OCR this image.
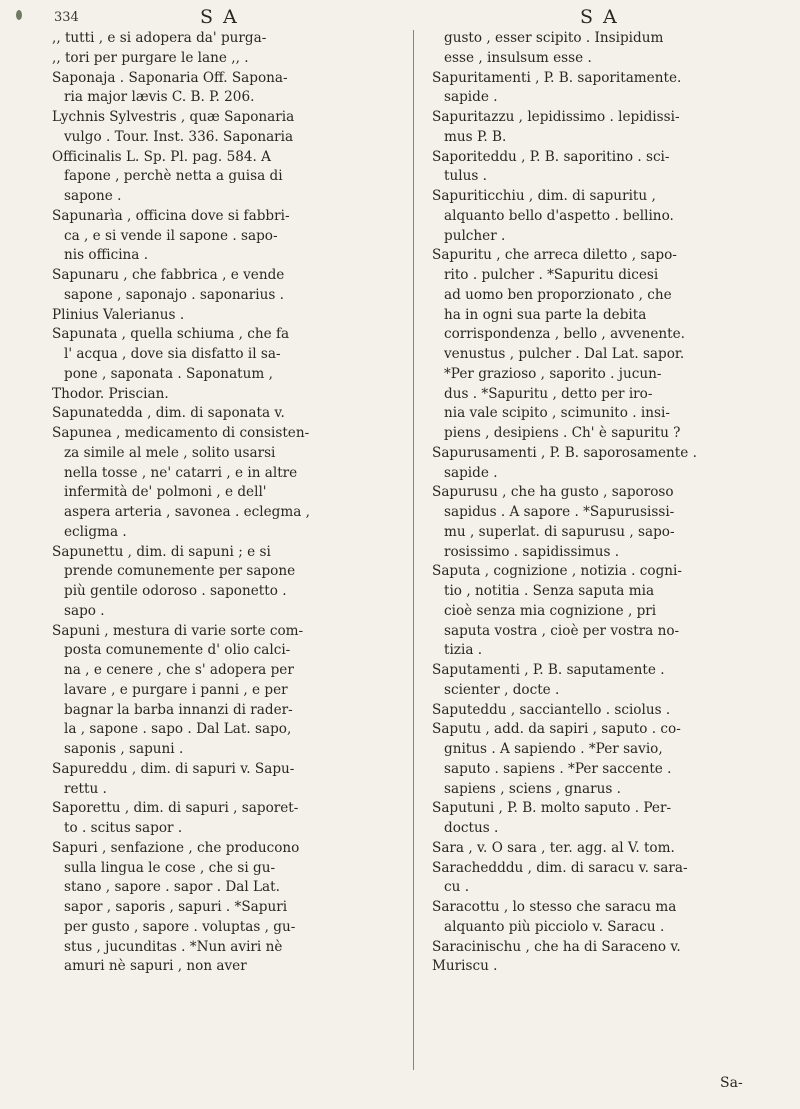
334	S A	S A
,, tutti , e si adopera da' purga-
,, tori per purgare le lane ,, .
Saponaja . Saponaria Off. Sapona-
ria major lævis C. B. P. 206.
Lychnis Sylvestris , quæ Saponaria
vulgo . Tour. Inst. 336. Saponaria
Officinalis L. Sp. Pl. pag. 584. A
fapone , perchè netta a guisa di
sapone .
Sapunarìa , officina dove si fabbri-
ca , e si vende il sapone . sapo-
nis officina .
Sapunaru , che fabbrica , e vende
sapone , saponajo . saponarius .
Plinius Valerianus .
Sapunata , quella schiuma , che fa
l' acqua , dove sia disfatto il sa-
pone , saponata . Saponatum ,
Thodor. Priscian.
Sapunatedda , dim. di saponata v.
Sapunea , medicamento di consisten-
za simile al mele , solito usarsi
nella tosse , ne' catarri , e in altre
infermità de' polmoni , e dell'
aspera arteria , savonea . eclegma ,
ecligma .
Sapunettu , dim. di sapuni ; e si
prende comunemente per sapone
più gentile odoroso . saponetto .
sapo .
Sapuni , mestura di varie sorte com-
posta comunemente d' olio calci-
na , e cenere , che s' adopera per
lavare , e purgare i panni , e per
bagnar la barba innanzi di rader-
la , sapone . sapo . Dal Lat. sapo,
saponis , sapuni .
Sapureddu , dim. di sapuri v. Sapu-
rettu .
Saporettu , dim. di sapuri , saporet-
to . scitus sapor .
Sapuri , senfazione , che producono
sulla lingua le cose , che si gu-
stano , sapore . sapor . Dal Lat.
sapor , saporis , sapuri . *Sapuri
per gusto , sapore . voluptas , gu-
stus , jucunditas . *Nun aviri nè
amuri nè sapuri , non aver
gusto , esser scipito . Insipidum
esse , insulsum esse .
Sapuritamenti , P. B. saporitamente.
sapide .
Sapuritazzu , lepidissimo . lepidissi-
mus P. B.
Saporiteddu , P. B. saporitino . sci-
tulus .
Sapuriticchiu , dim. di sapuritu ,
alquanto bello d'aspetto . bellino.
pulcher .
Sapuritu , che arreca diletto , sapo-
rito . pulcher . *Sapuritu dicesi
ad uomo ben proporzionato , che
ha in ogni sua parte la debita
corrispondenza , bello , avvenente.
venustus , pulcher . Dal Lat. sapor.
*Per grazioso , saporito . jucun-
dus . *Sapuritu , detto per iro-
nia vale scipito , scimunito . insi-
piens , desipiens . Ch' è sapuritu ?
Sapurusamenti , P. B. saporosamente .
sapide .
Sapurusu , che ha gusto , saporoso
sapidus . A sapore . *Sapurusissi-
mu , superlat. di sapurusu , sapo-
rosissimo . sapidissimus .
Saputa , cognizione , notizia . cogni-
tio , notitia . Senza saputa mia
cioè senza mia cognizione , pri
saputa vostra , cioè per vostra no-
tizia .
Saputamenti , P. B. saputamente .
scienter , docte .
Saputeddu , sacciantello . sciolus .
Saputu , add. da sapiri , saputo . co-
gnitus . A sapiendo . *Per savio,
saputo . sapiens . *Per saccente .
sapiens , sciens , gnarus .
Saputuni , P. B. molto saputo . Per-
doctus .
Sara , v. O sara , ter. agg. al V. tom.
Sarachedddu , dim. di saracu v. sara-
cu .
Saracottu , lo stesso che saracu ma
alquanto più picciolo v. Saracu .
Saracinischu , che ha di Saraceno v.
Muriscu .
Sa-
